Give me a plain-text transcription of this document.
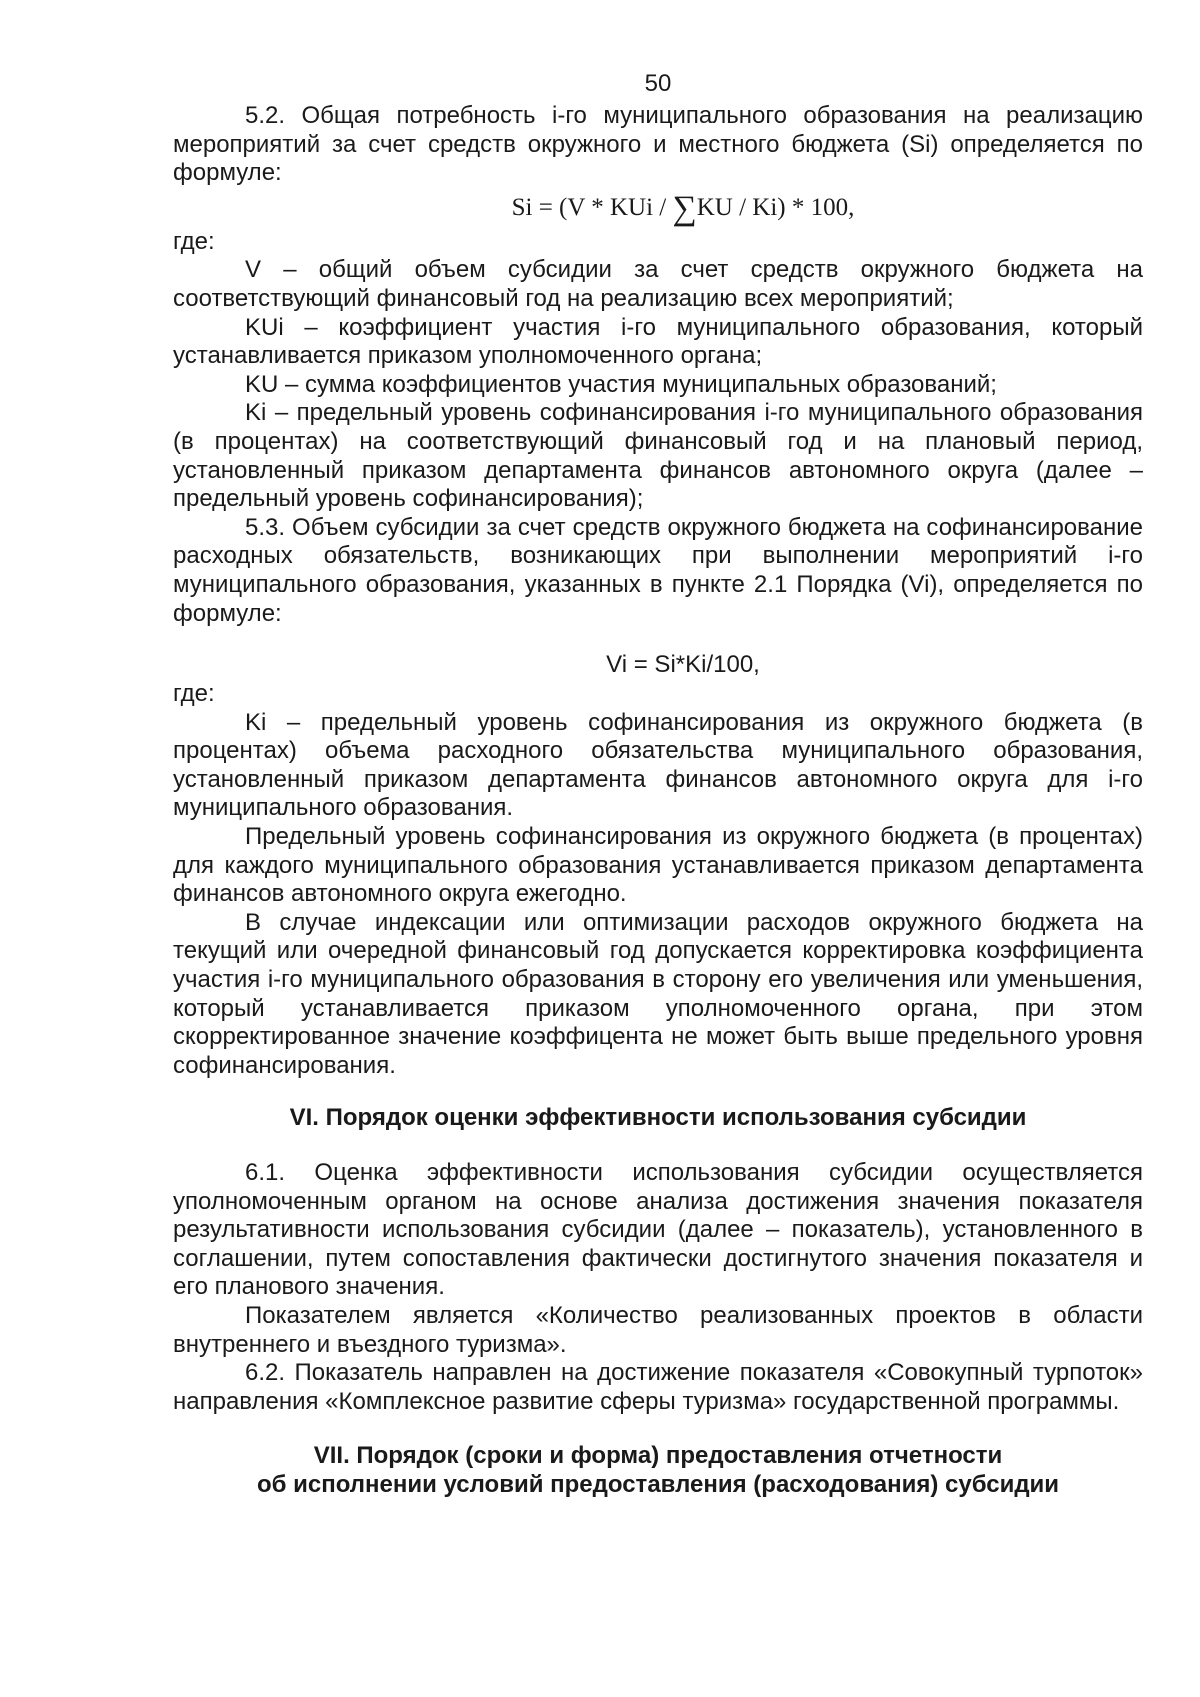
50

5.2. Общая потребность i-го муниципального образования на реализацию мероприятий за счет средств окружного и местного бюджета (Si) определяется по формуле:

Si = (V * KUi / ∑KU / Ki) * 100,

где:

V – общий объем субсидии за счет средств окружного бюджета на соответствующий финансовый год на реализацию всех мероприятий;

KUi – коэффициент участия i-го муниципального образования, который устанавливается приказом уполномоченного органа;

KU – сумма коэффициентов участия муниципальных образований;

Ki – предельный уровень софинансирования i-го муниципального образования (в процентах) на соответствующий финансовый год и на плановый период, установленный приказом департамента финансов автономного округа (далее – предельный уровень софинансирования);

5.3. Объем субсидии за счет средств окружного бюджета на софинансирование расходных обязательств, возникающих при выполнении мероприятий i-го муниципального образования, указанных в пункте 2.1 Порядка (Vi), определяется по формуле:

Vi = Si*Ki/100,

где:

Ki – предельный уровень софинансирования из окружного бюджета (в процентах) объема расходного обязательства муниципального образования, установленный приказом департамента финансов автономного округа для i-го муниципального образования.

Предельный уровень софинансирования из окружного бюджета (в процентах) для каждого муниципального образования устанавливается приказом департамента финансов автономного округа ежегодно.

В случае индексации или оптимизации расходов окружного бюджета на текущий или очередной финансовый год допускается корректировка коэффициента участия i-го муниципального образования в сторону его увеличения или уменьшения, который устанавливается приказом уполномоченного органа, при этом скорректированное значение коэффицента не может быть выше предельного уровня софинансирования.

VI. Порядок оценки эффективности использования субсидии

6.1. Оценка эффективности использования субсидии осуществляется уполномоченным органом на основе анализа достижения значения показателя результативности использования субсидии (далее – показатель), установленного в соглашении, путем сопоставления фактически достигнутого значения показателя и его планового значения.

Показателем является «Количество реализованных проектов в области внутреннего и въездного туризма».

6.2. Показатель направлен на достижение показателя «Совокупный турпоток» направления «Комплексное развитие сферы туризма» государственной программы.

VII. Порядок (сроки и форма) предоставления отчетности
об исполнении условий предоставления (расходования) субсидии
